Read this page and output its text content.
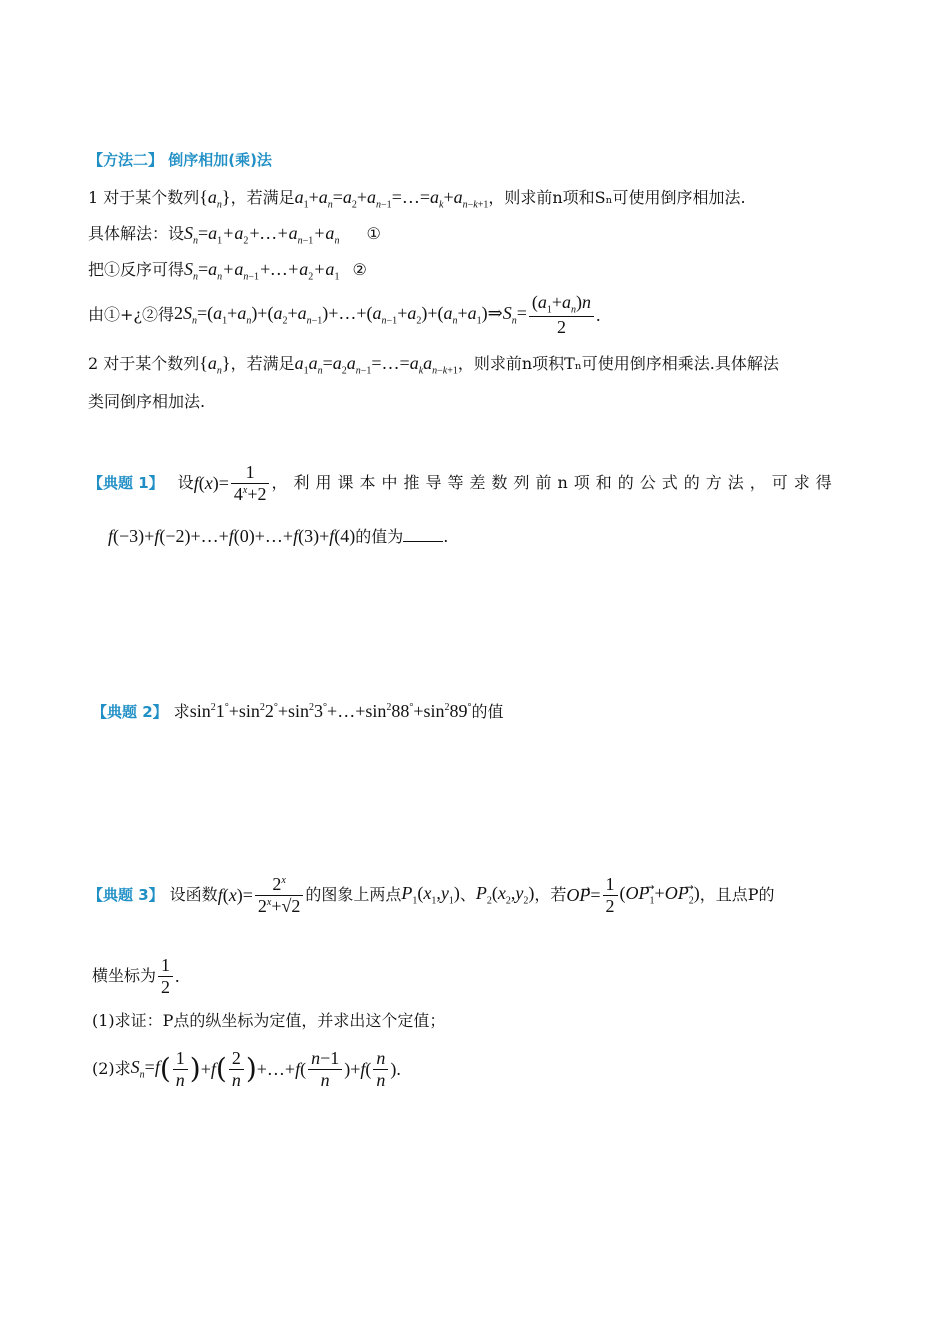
【方法二】 倒序相加(乘)法
1 对于某个数列$\{a_n\}$，若满足$a_1+a_n=a_2+a_{n-1}=\dots=a_k+a_{n-k+1}$，则求前n项和Sₙ可使用倒序相加法.
具体解法：设$S_n=a_1+a_2+\dots+a_{n-1}+a_n$ ①
把①反序可得$S_n=a_n+a_{n-1}+\dots+a_2+a_1$ ②
由①+¿②得$2S_n=(a_1+a_n)+(a_2+a_{n-1})+\dots+(a_{n-1}+a_2)+(a_n+a_1)\Rightarrow S_n= \frac{(a_1+a_n)n}{2}$ .
2 对于某个数列$\{a_n\}$，若满足$a_1a_n=a_2a_{n-1}=\dots=a_ka_{n-k+1}$，则求前n项积Tₙ可使用倒序相乘法.具体解法
类同倒序相加法.
【典题 1】 设$f(x)= \frac{1}{4^x+2}$ ，利用课本中推导等差数列前n项和的公式的方法，可求得
f(−3)+f(−2)+…+f(0)+…+f(3)+f(4)的值为	.
【典题 2】 求$\sin^21^\circ+\sin^22^\circ+\sin^23^\circ+\dots+\sin^288^\circ+\sin^289^\circ$的值
【典题 3】 设函数$f(x)= \frac{2^x}{2^x+√2}$ 的图象上两点$P_1(x_1,y_1)$、$P_2(x_2,y_2)$，若OP⃗= $\frac{1}{2}$ $(OP_1⃗+OP_2⃗)$，且点P的
横坐标为 $\frac{1}{2}$ .
(1)求证：P点的纵坐标为定值，并求出这个定值；
(2)求$S_n=f( \frac{1}{n} )+f( \frac{2}{n}$ )+…+f( $\frac{n-1}{n} )+f( \frac{n}{n}$ ).
